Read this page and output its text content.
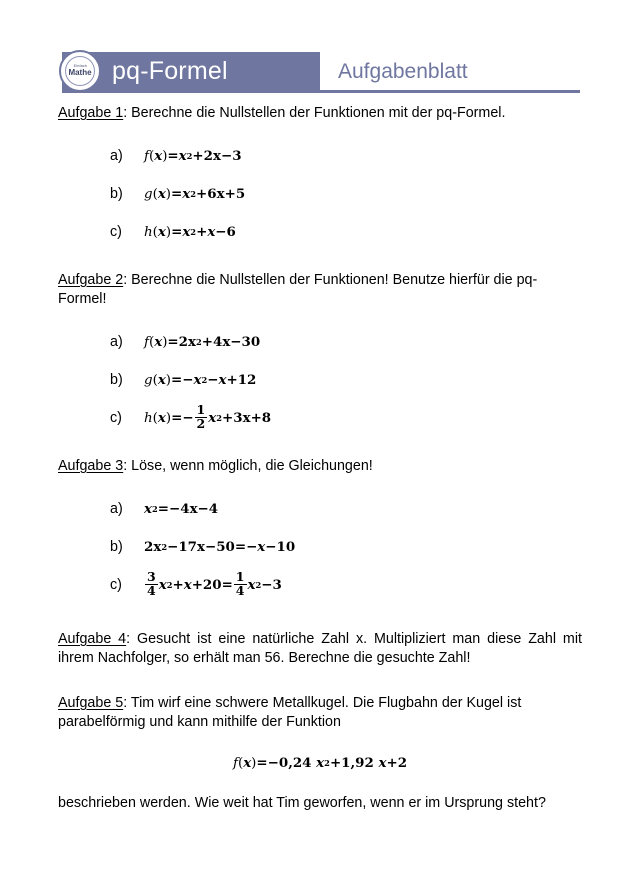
Einfach
Mathe pq-Formel	Aufgabenblatt

Aufgabe 1: Berechne die Nullstellen der Funktionen mit der pq-Formel.

a)	f ( x ) = x 2 + 2 x − 3
b)	g ( x ) = x 2 + 6 x + 5
c)	h ( x ) = x 2 + x − 6

Aufgabe 2: Berechne die Nullstellen der Funktionen! Benutze hierfür die pq-Formel!

a)	f ( x ) = 2 x 2 + 4 x − 30
b)	g ( x ) = − x 2 − x + 12
c)	h ( x ) = − $\frac{1}{2}$ x 2 + 3 x + 8

Aufgabe 3: Löse, wenn möglich, die Gleichungen!

a)	x 2 = − 4 x − 4
b)	2 x 2 − 17 x − 50 = − x − 10
c)	$\frac{3}{4}$ x $2 + x + 20 = \frac{1}{4}$ x 2 − 3

Aufgabe 4: Gesucht ist eine natürliche Zahl x. Multipliziert man diese Zahl mit ihrem Nachfolger, so erhält man 56. Berechne die gesuchte Zahl!

Aufgabe 5: Tim wirf eine schwere Metallkugel. Die Flugbahn der Kugel ist parabelförmig und kann mithilfe der Funktion

f ( x ) = − 0,24
x 2 + 1,92
x + 2

beschrieben werden. Wie weit hat Tim geworfen, wenn er im Ursprung steht?
